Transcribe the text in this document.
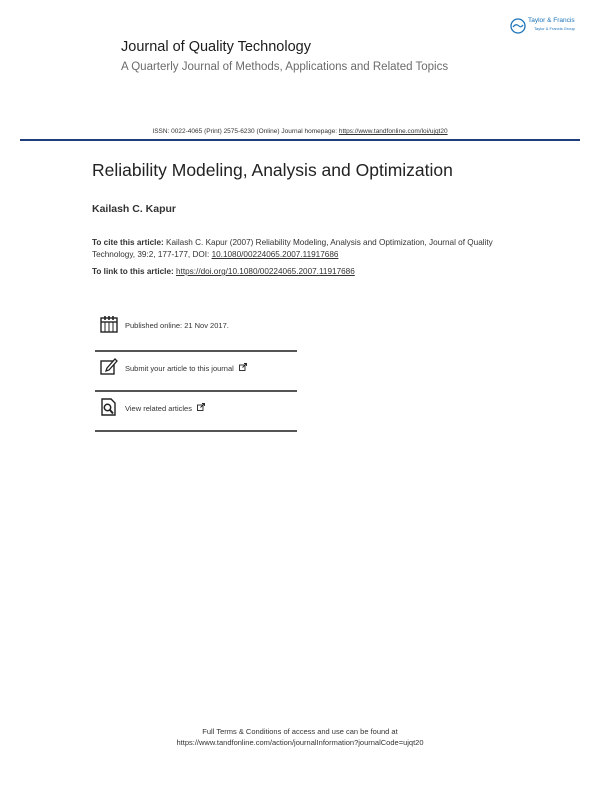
Journal of Quality Technology
A Quarterly Journal of Methods, Applications and Related Topics
Taylor & Francis
Taylor & Francis Group
ISSN: 0022-4065 (Print) 2575-6230 (Online) Journal homepage: https://www.tandfonline.com/loi/ujqt20
Reliability Modeling, Analysis and Optimization
Kailash C. Kapur
To cite this article: Kailash C. Kapur (2007) Reliability Modeling, Analysis and Optimization, Journal of Quality Technology, 39:2, 177-177, DOI: 10.1080/00224065.2007.11917686
To link to this article: https://doi.org/10.1080/00224065.2007.11917686
Published online: 21 Nov 2017.
Submit your article to this journal
View related articles
Full Terms & Conditions of access and use can be found at
https://www.tandfonline.com/action/journalInformation?journalCode=ujqt20
